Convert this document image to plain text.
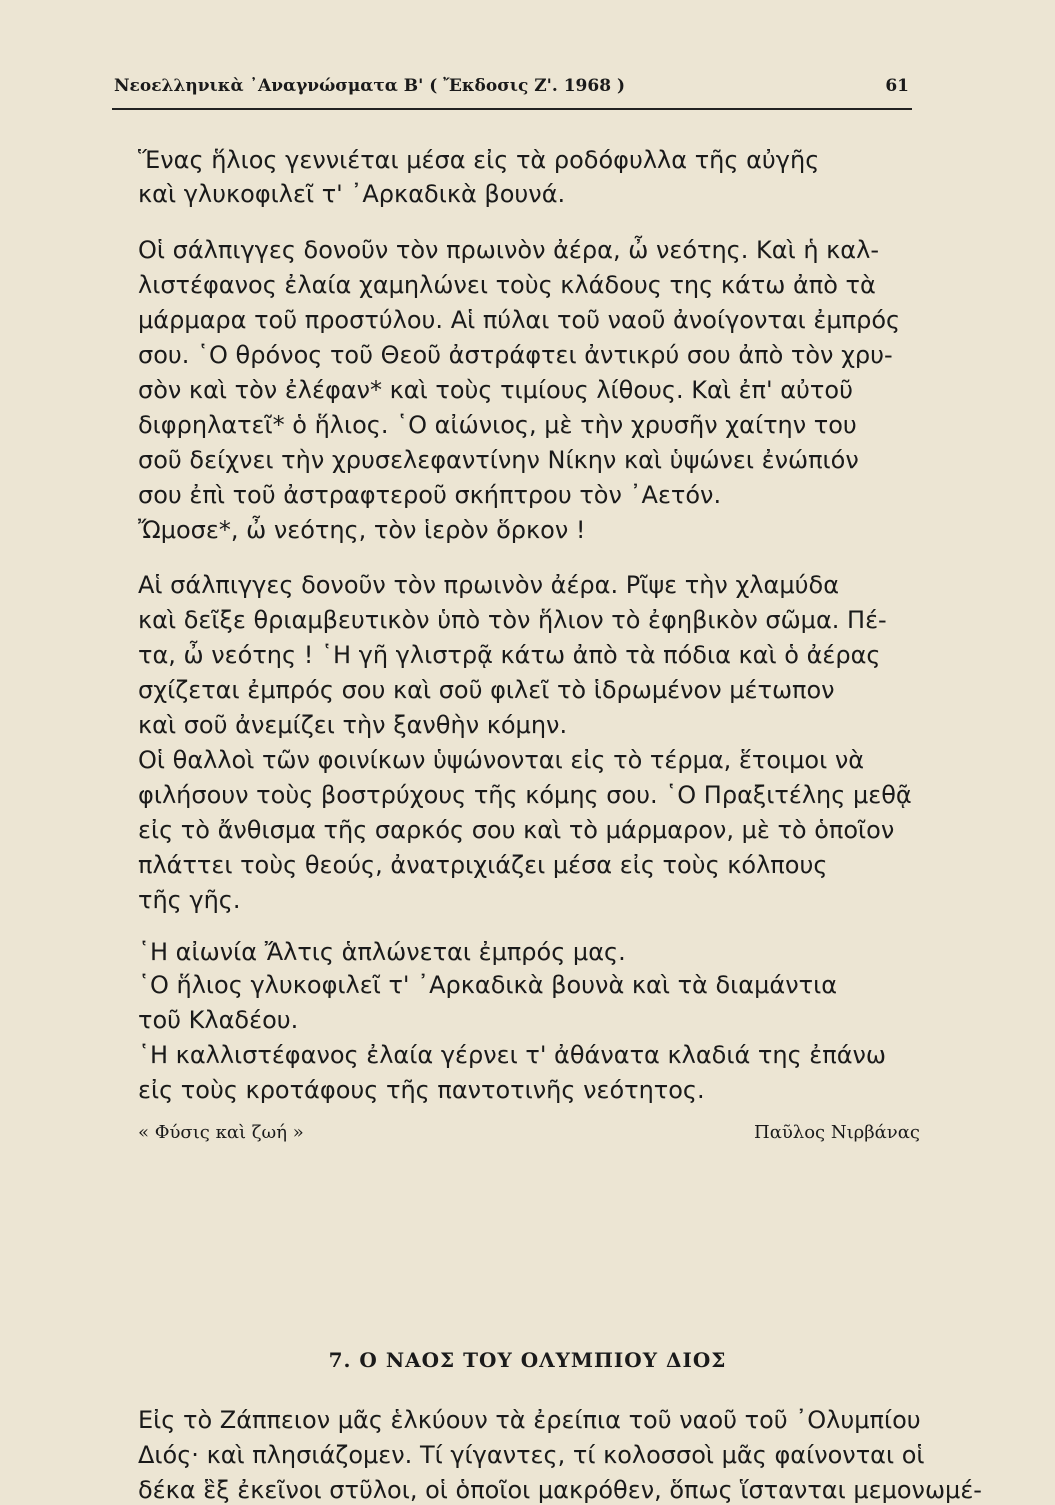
Νεοελληνικὰ ᾿Αναγνώσματα Β' ( Ἔκδοσις Ζ'. 1968 )	61
Ἕνας ἥλιος γεννιέται μέσα εἰς τὰ ροδόφυλλα τῆς αὐγῆς
καὶ γλυκοφιλεῖ τ' ᾿Αρκαδικὰ βουνά.
Οἱ σάλπιγγες δονοῦν τὸν πρωινὸν ἀέρα, ὦ νεότης. Καὶ ἡ καλ-
λιστέφανος ἐλαία χαμηλώνει τοὺς κλάδους της κάτω ἀπὸ τὰ
μάρμαρα τοῦ προστύλου. Αἱ πύλαι τοῦ ναοῦ ἀνοίγονται ἐμπρός
σου. ῾Ο θρόνος τοῦ Θεοῦ ἀστράφτει ἀντικρύ σου ἀπὸ τὸν χρυ-
σὸν καὶ τὸν ἐλέφαν* καὶ τοὺς τιμίους λίθους. Καὶ ἐπ' αὐτοῦ
διφρηλατεῖ* ὁ ἥλιος. ῾Ο αἰώνιος, μὲ τὴν χρυσῆν χαίτην του
σοῦ δείχνει τὴν χρυσελεφαντίνην Νίκην καὶ ὑψώνει ἐνώπιόν
σου ἐπὶ τοῦ ἀστραφτεροῦ σκήπτρου τὸν ᾿Αετόν.
Ὤμοσε*, ὦ νεότης, τὸν ἱερὸν ὅρκον !
Αἱ σάλπιγγες δονοῦν τὸν πρωινὸν ἀέρα. Ρῖψε τὴν χλαμύδα
καὶ δεῖξε θριαμβευτικὸν ὑπὸ τὸν ἥλιον τὸ ἐφηβικὸν σῶμα. Πέ-
τα, ὦ νεότης ! ῾Η γῆ γλιστρᾷ κάτω ἀπὸ τὰ πόδια καὶ ὁ ἀέρας
σχίζεται ἐμπρός σου καὶ σοῦ φιλεῖ τὸ ἱδρωμένον μέτωπον
καὶ σοῦ ἀνεμίζει τὴν ξανθὴν κόμην.
Οἱ θαλλοὶ τῶν φοινίκων ὑψώνονται εἰς τὸ τέρμα, ἕτοιμοι νὰ
φιλήσουν τοὺς βοστρύχους τῆς κόμης σου. ῾Ο Πραξιτέλης μεθᾷ
εἰς τὸ ἄνθισμα τῆς σαρκός σου καὶ τὸ μάρμαρον, μὲ τὸ ὁποῖον
πλάττει τοὺς θεούς, ἀνατριχιάζει μέσα εἰς τοὺς κόλπους
τῆς γῆς.
῾Η αἰωνία Ἄλτις ἁπλώνεται ἐμπρός μας.
῾Ο ἥλιος γλυκοφιλεῖ τ' ᾿Αρκαδικὰ βουνὰ καὶ τὰ διαμάντια
τοῦ Κλαδέου.
῾Η καλλιστέφανος ἐλαία γέρνει τ' ἀθάνατα κλαδιά της ἐπάνω
εἰς τοὺς κροτάφους τῆς παντοτινῆς νεότητος.
« Φύσις καὶ ζωή »	Παῦλος Νιρβάνας
7. Ο ΝΑΟΣ ΤΟΥ ΟΛΥΜΠΙΟΥ ΔΙΟΣ
Εἰς τὸ Ζάππειον μᾶς ἑλκύουν τὰ ἐρείπια τοῦ ναοῦ τοῦ ᾿Ολυμπίου
Διός· καὶ πλησιάζομεν. Τί γίγαντες, τί κολοσσοὶ μᾶς φαίνονται οἱ
δέκα ἓξ ἐκεῖνοι στῦλοι, οἱ ὁποῖοι μακρόθεν, ὅπως ἵστανται μεμονωμέ-
